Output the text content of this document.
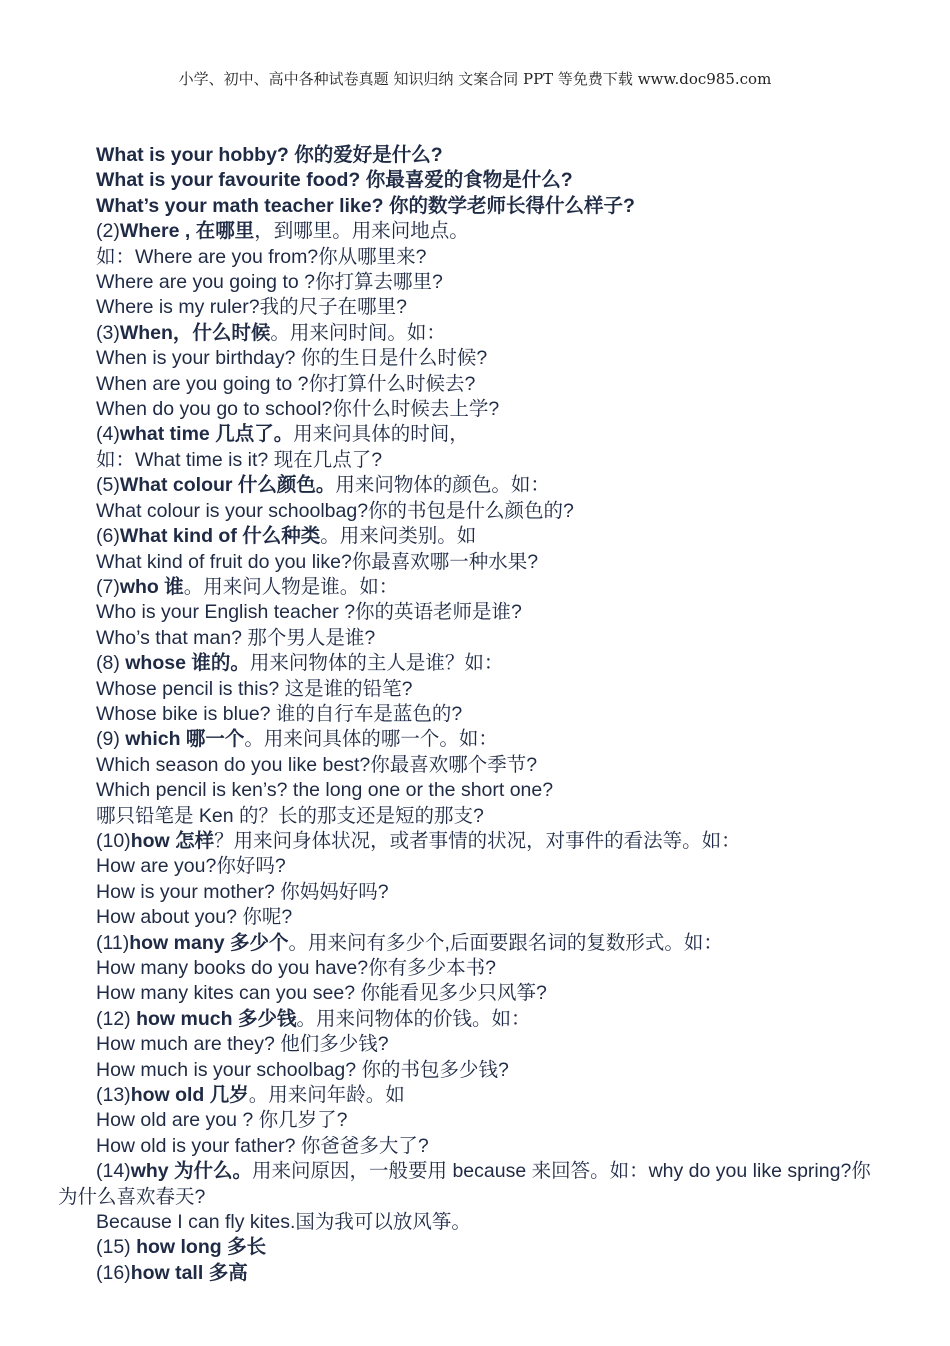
小学、初中、高中各种试卷真题 知识归纳 文案合同 PPT 等免费下载 www.doc985.com
What is your hobby? 你的爱好是什么?
What is your favourite food? 你最喜爱的食物是什么?
What’s your math teacher like? 你的数学老师长得什么样子?
(2)Where , 在哪里，到哪里。用来问地点。
如：Where are you from?你从哪里来?
Where are you going to ?你打算去哪里?
Where is my ruler?我的尺子在哪里?
(3)When，什么时候。用来问时间。如：
When is your birthday? 你的生日是什么时候?
When are you going to ?你打算什么时候去?
When do you go to school?你什么时候去上学?
(4)what time 几点了。用来问具体的时间，
如：What time is it? 现在几点了?
(5)What colour 什么颜色。用来问物体的颜色。如：
What colour is your schoolbag?你的书包是什么颜色的?
(6)What kind of 什么种类。用来问类别。如
What kind of fruit do you like?你最喜欢哪一种水果?
(7)who 谁。用来问人物是谁。如：
Who is your English teacher ?你的英语老师是谁?
Who’s that man? 那个男人是谁?
(8) whose 谁的。用来问物体的主人是谁？如：
Whose pencil is this? 这是谁的铅笔?
Whose bike is blue? 谁的自行车是蓝色的?
(9) which 哪一个。用来问具体的哪一个。如：
Which season do you like best?你最喜欢哪个季节?
Which pencil is ken’s? the long one or the short one?
哪只铅笔是 Ken 的？长的那支还是短的那支?
(10)how 怎样？用来问身体状况，或者事情的状况，对事件的看法等。如：
How are you?你好吗?
How is your mother? 你妈妈好吗?
How about you? 你呢?
(11)how many 多少个。用来问有多少个,后面要跟名词的复数形式。如：
How many books do you have?你有多少本书?
How many kites can you see? 你能看见多少只风筝?
(12) how much 多少钱。用来问物体的价钱。如：
How much are they? 他们多少钱?
How much is your schoolbag? 你的书包多少钱?
(13)how old 几岁。用来问年龄。如
How old are you ? 你几岁了?
How old is your father? 你爸爸多大了?
(14)why 为什么。用来问原因，一般要用 because 来回答。如：why do you like spring?你为什么喜欢春天?
Because I can fly kites.国为我可以放风筝。
(15) how long 多长
(16)how tall 多高
